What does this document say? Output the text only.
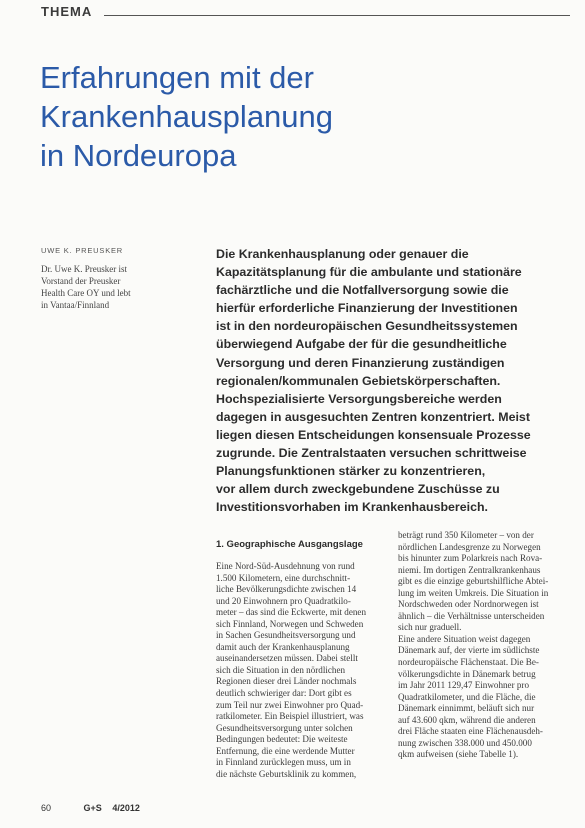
THEMA
Erfahrungen mit der
Krankenhausplanung
in Nordeuropa
UWE K. PREUSKER
Dr. Uwe K. Preusker ist
Vorstand der Preusker
Health Care OY und lebt
in Vantaa/Finnland
Die Krankenhausplanung oder genauer die
Kapazitätsplanung für die ambulante und stationäre
fachärztliche und die Notfallversorgung sowie die
hierfür erforderliche Finanzierung der Investitionen
ist in den nordeuropäischen Gesundheitssystemen
überwiegend Aufgabe der für die gesundheitliche
Versorgung und deren Finanzierung zuständigen
regionalen/kommunalen Gebietskörperschaften.
Hochspezialisierte Versorgungsbereiche werden
dagegen in ausgesuchten Zentren konzentriert. Meist
liegen diesen Entscheidungen konsensuale Prozesse
zugrunde. Die Zentralstaaten versuchen schrittweise
Planungsfunktionen stärker zu konzentrieren,
vor allem durch zweckgebundene Zuschüsse zu
Investitionsvorhaben im Krankenhausbereich.
1. Geographische Ausgangslage
Eine Nord-Süd-Ausdehnung von rund
1.500 Kilometern, eine durchschnitt-
liche Bevölkerungsdichte zwischen 14
und 20 Einwohnern pro Quadratkilo-
meter – das sind die Eckwerte, mit denen
sich Finnland, Norwegen und Schweden
in Sachen Gesundheitsversorgung und
damit auch der Krankenhausplanung
auseinandersetzen müssen. Dabei stellt
sich die Situation in den nördlichen
Regionen dieser drei Länder nochmals
deutlich schwieriger dar: Dort gibt es
zum Teil nur zwei Einwohner pro Quad-
ratkilometer. Ein Beispiel illustriert, was
Gesundheitsversorgung unter solchen
Bedingungen bedeutet: Die weiteste
Entfernung, die eine werdende Mutter
in Finnland zurücklegen muss, um in
die nächste Geburtsklinik zu kommen,
beträgt rund 350 Kilometer – von der
nördlichen Landesgrenze zu Norwegen
bis hinunter zum Polarkreis nach Rova-
niemi. Im dortigen Zentralkrankenhaus
gibt es die einzige geburtshilfliche Abtei-
lung im weiten Umkreis. Die Situation in
Nordschweden oder Nordnorwegen ist
ähnlich – die Verhältnisse unterscheiden
sich nur graduell.
Eine andere Situation weist dagegen
Dänemark auf, der vierte im südlichste
nordeuropäische Flächenstaat. Die Be-
völkerungsdichte in Dänemark betrug
im Jahr 2011 129,47 Einwohner pro
Quadratkilometer, und die Fläche, die
Dänemark einnimmt, beläuft sich nur
auf 43.600 qkm, während die anderen
drei Fläche staaten eine Flächenausdeh-
nung zwischen 338.000 und 450.000
qkm aufweisen (siehe Tabelle 1).
60	G+S 4/2012
